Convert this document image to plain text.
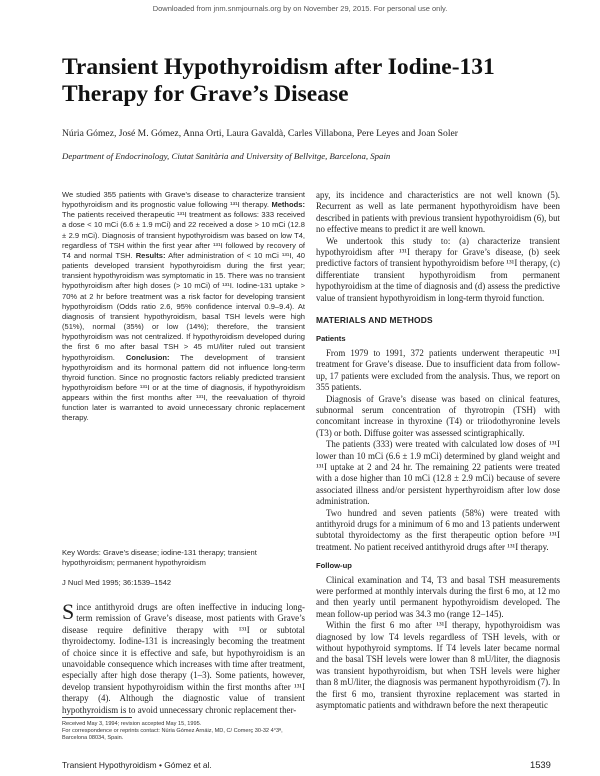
Downloaded from jnm.snmjournals.org by on November 29, 2015. For personal use only.
Transient Hypothyroidism after Iodine-131 Therapy for Grave’s Disease
Núria Gómez, José M. Gómez, Anna Orti, Laura Gavaldà, Carles Villabona, Pere Leyes and Joan Soler
Department of Endocrinology, Ciutat Sanitària and University of Bellvitge, Barcelona, Spain
We studied 355 patients with Grave’s disease to characterize transient hypothyroidism and its prognostic value following ¹³¹I therapy. Methods: The patients received therapeutic ¹³¹I treatment as follows: 333 received a dose < 10 mCi (6.6 ± 1.9 mCi) and 22 received a dose > 10 mCi (12.8 ± 2.9 mCi). Diagnosis of transient hypothyroidism was based on low T4, regardless of TSH within the first year after ¹³¹I followed by recovery of T4 and normal TSH. Results: After administration of < 10 mCi ¹³¹I, 40 patients developed transient hypothyroidism during the first year; transient hypothyroidism was symptomatic in 15. There was no transient hypothyroidism after high doses (> 10 mCi) of ¹³¹I. Iodine-131 uptake > 70% at 2 hr before treatment was a risk factor for developing transient hypothyroidism (Odds ratio 2.6, 95% confidence interval 0.9–9.4). At diagnosis of transient hypothyroidism, basal TSH levels were high (51%), normal (35%) or low (14%); therefore, the transient hypothyroidism was not centralized. If hypothyroidism developed during the first 6 mo after basal TSH > 45 mU/liter ruled out transient hypothyroidism. Conclusion: The development of transient hypothyroidism and its hormonal pattern did not influence long-term thyroid function. Since no prognostic factors reliably predicted transient hypothyroidism before ¹³¹I or at the time of diagnosis, if hypothyroidism appears within the first months after ¹³¹I, the reevaluation of thyroid function later is warranted to avoid unnecessary chronic replacement therapy.
Key Words: Grave’s disease; iodine-131 therapy; transient hypothyroidism; permanent hypothyroidism
J Nucl Med 1995; 36:1539–1542
Since antithyroid drugs are often ineffective in inducing long-term remission of Grave’s disease, most patients with Grave’s disease require definitive therapy with ¹³¹I or subtotal thyroidectomy. Iodine-131 is increasingly becoming the treatment of choice since it is effective and safe, but hypothyroidism is an unavoidable consequence which increases with time after treatment, especially after high dose therapy (1–3). Some patients, however, develop transient hypothyroidism within the first months after ¹³¹I therapy (4). Although the diagnostic value of transient hypothyroidism is to avoid unnecessary chronic replacement ther-
Received May 3, 1994; revision accepted May 15, 1995.
For correspondence or reprints contact: Núria Gómez Arnáiz, MD, C/ Comerç 30-32 4°3ª, Barcelona 08034, Spain.

apy, its incidence and characteristics are not well known (5). Recurrent as well as late permanent hypothyroidism have been described in patients with previous transient hypothyroidism (6), but no effective means to predict it are well known.

We undertook this study to: (a) characterize transient hypothyroidism after ¹³¹I therapy for Grave’s disease, (b) seek predictive factors of transient hypothyroidism before ¹³¹I therapy, (c) differentiate transient hypothyroidism from permanent hypothyroidism at the time of diagnosis and (d) assess the predictive value of transient hypothyroidism in long-term thyroid function.

MATERIALS AND METHODS
Patients

From 1979 to 1991, 372 patients underwent therapeutic ¹³¹I treatment for Grave’s disease. Due to insufficient data from follow-up, 17 patients were excluded from the analysis. Thus, we report on 355 patients.

Diagnosis of Grave’s disease was based on clinical features, subnormal serum concentration of thyrotropin (TSH) with concomitant increase in thyroxine (T4) or triiodothyronine levels (T3) or both. Diffuse goiter was assessed scintigraphically.

The patients (333) were treated with calculated low doses of ¹³¹I lower than 10 mCi (6.6 ± 1.9 mCi) determined by gland weight and ¹³¹I uptake at 2 and 24 hr. The remaining 22 patients were treated with a dose higher than 10 mCi (12.8 ± 2.9 mCi) because of severe associated illness and/or persistent hyperthyroidism after low dose administration.

Two hundred and seven patients (58%) were treated with antithyroid drugs for a minimum of 6 mo and 13 patients underwent subtotal thyroidectomy as the first therapeutic option before ¹³¹I treatment. No patient received antithyroid drugs after ¹³¹I therapy.

Follow-up

Clinical examination and T4, T3 and basal TSH measurements were performed at monthly intervals during the first 6 mo, at 12 mo and then yearly until permanent hypothyroidism developed. The mean follow-up period was 34.3 mo (range 12–145).

Within the first 6 mo after ¹³¹I therapy, hypothyroidism was diagnosed by low T4 levels regardless of TSH levels, with or without hypothyroid symptoms. If T4 levels later became normal and the basal TSH levels were lower than 8 mU/liter, the diagnosis was transient hypothyroidism, but when TSH levels were higher than 8 mU/liter, the diagnosis was permanent hypothyroidism (7). In the first 6 mo, transient thyroxine replacement was started in asymptomatic patients and withdrawn before the next therapeutic

Transient Hypothyroidism • Gómez et al.	1539
